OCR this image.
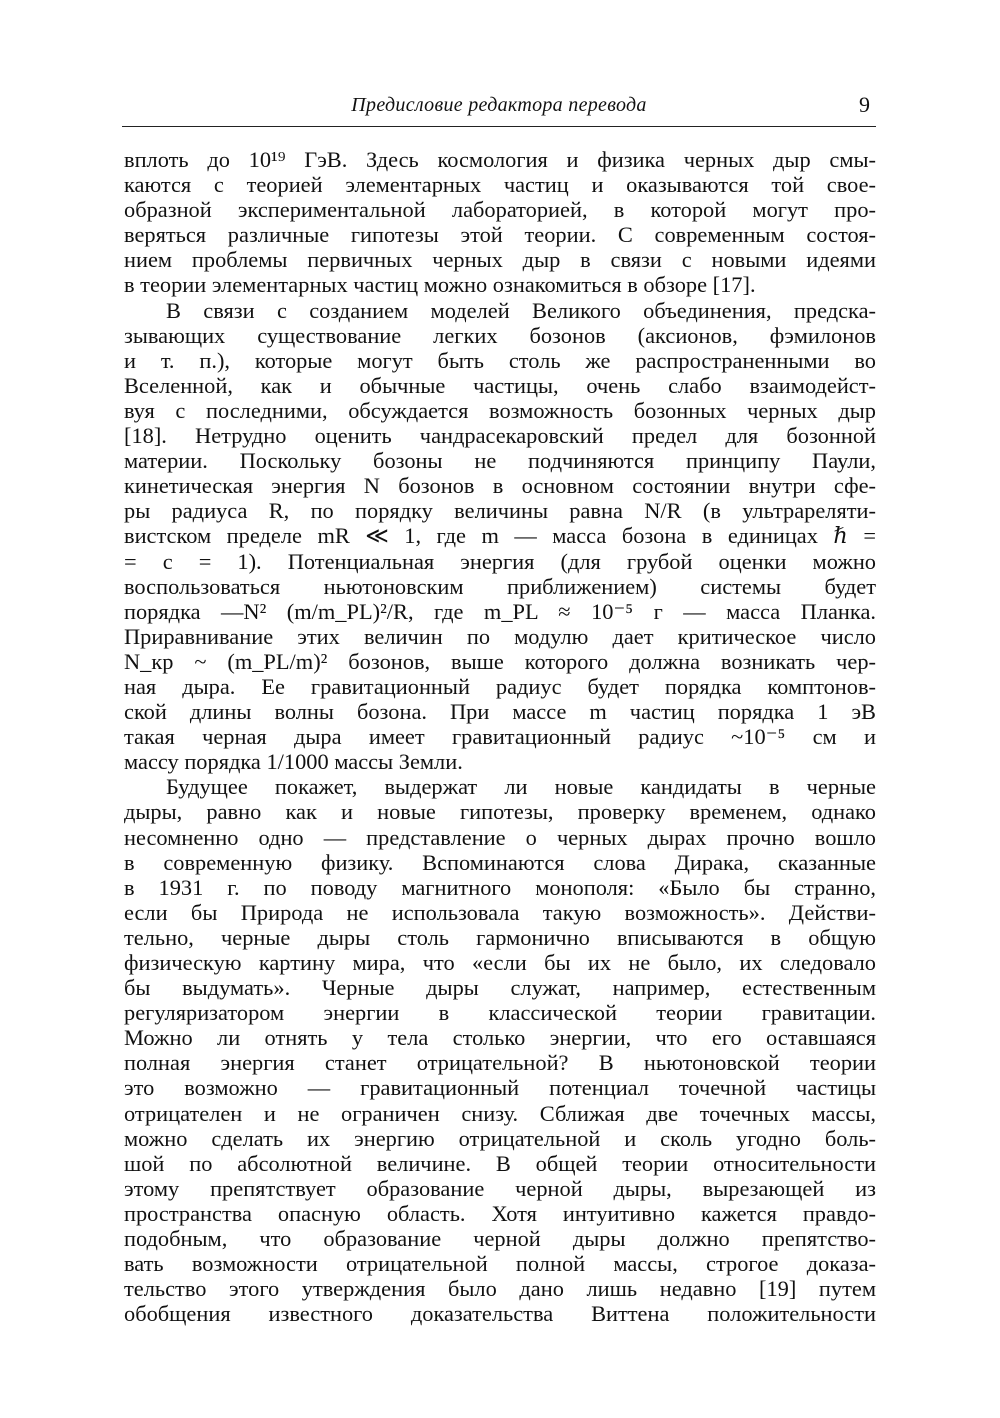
Предисловие редактора перевода	9
вплоть до 10¹⁹ ГэВ. Здесь космология и физика черных дыр смы-
каются с теорией элементарных частиц и оказываются той свое-
образной экспериментальной лабораторией, в которой могут про-
веряться различные гипотезы этой теории. С современным состоя-
нием проблемы первичных черных дыр в связи с новыми идеями
в теории элементарных частиц можно ознакомиться в обзоре [17].
В связи с созданием моделей Великого объединения, предска-
зывающих существование легких бозонов (аксионов, фэмилонов
и т. п.), которые могут быть столь же распространенными во
Вселенной, как и обычные частицы, очень слабо взаимодейст-
вуя с последними, обсуждается возможность бозонных черных дыр
[18]. Нетрудно оценить чандрасекаровский предел для бозонной
материи. Поскольку бозоны не подчиняются принципу Паули,
кинетическая энергия N бозонов в основном состоянии внутри сфе-
ры радиуса R, по порядку величины равна N/R (в ультрареляти-
вистском пределе mR ≪ 1, где m — масса бозона в единицах ℏ =
= c = 1). Потенциальная энергия (для грубой оценки можно
воспользоваться ньютоновским приближением) системы будет
порядка —N² (m/m_PL)²/R, где m_PL ≈ 10⁻⁵ г — масса Планка.
Приравнивание этих величин по модулю дает критическое число
N_кр ~ (m_PL/m)² бозонов, выше которого должна возникать чер-
ная дыра. Ее гравитационный радиус будет порядка комптонов-
ской длины волны бозона. При массе m частиц порядка 1 эВ
такая черная дыра имеет гравитационный радиус ~10⁻⁵ см и
массу порядка 1/1000 массы Земли.
Будущее покажет, выдержат ли новые кандидаты в черные
дыры, равно как и новые гипотезы, проверку временем, однако
несомненно одно — представление о черных дырах прочно вошло
в современную физику. Вспоминаются слова Дирака, сказанные
в 1931 г. по поводу магнитного монополя: «Было бы странно,
если бы Природа не использовала такую возможность». Действи-
тельно, черные дыры столь гармонично вписываются в общую
физическую картину мира, что «если бы их не было, их следовало
бы выдумать». Черные дыры служат, например, естественным
регуляризатором энергии в классической теории гравитации.
Можно ли отнять у тела столько энергии, что его оставшаяся
полная энергия станет отрицательной? В ньютоновской теории
это возможно — гравитационный потенциал точечной частицы
отрицателен и не ограничен снизу. Сближая две точечных массы,
можно сделать их энергию отрицательной и сколь угодно боль-
шой по абсолютной величине. В общей теории относительности
этому препятствует образование черной дыры, вырезающей из
пространства опасную область. Хотя интуитивно кажется правдо-
подобным, что образование черной дыры должно препятство-
вать возможности отрицательной полной массы, строгое доказа-
тельство этого утверждения было дано лишь недавно [19] путем
обобщения известного доказательства Виттена положительности
